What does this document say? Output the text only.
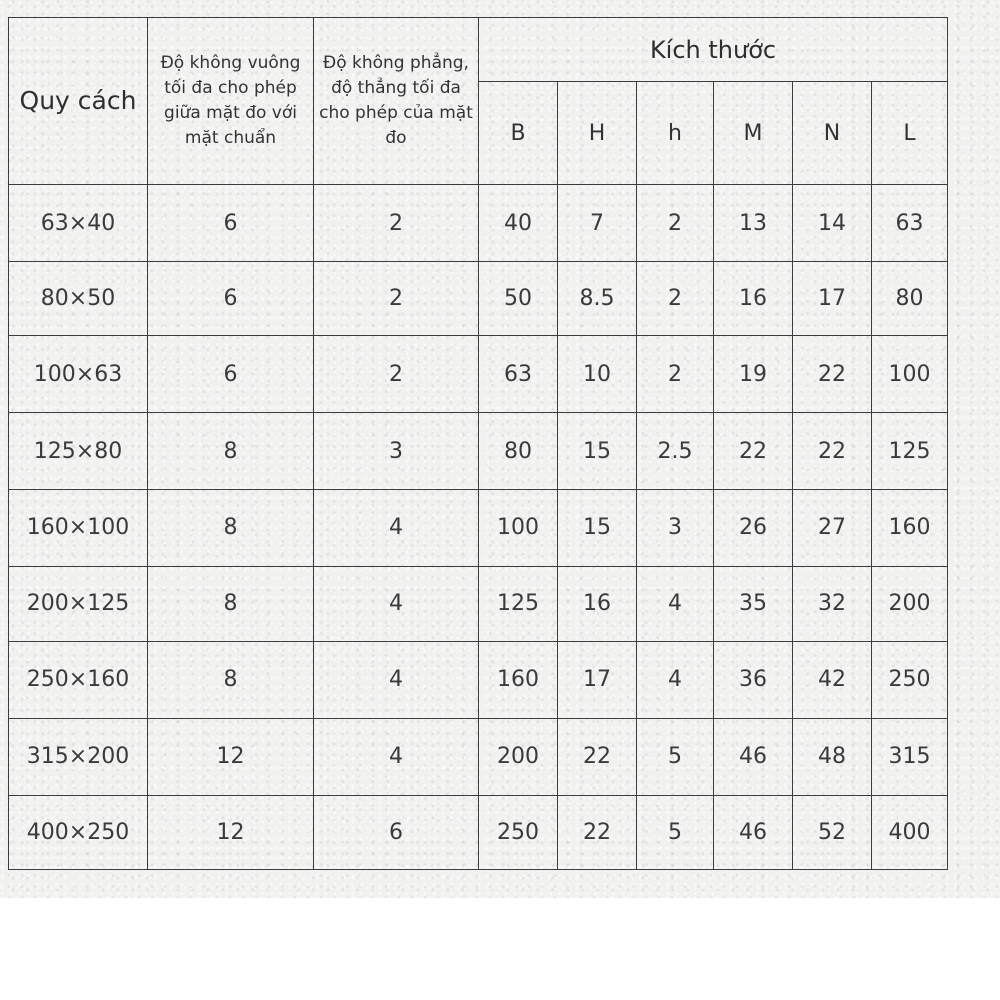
Quy cách	Độ không vuông tối đa cho phép giữa mặt đo với mặt chuẩn	Độ không phẳng, độ thẳng tối đa cho phép của mặt đo	Kích thước					
			B	H	h	M	N	L
63×40	6	2	40	7	2	13	14	63
80×50	6	2	50	8.5	2	16	17	80
100×63	6	2	63	10	2	19	22	100
125×80	8	3	80	15	2.5	22	22	125
160×100	8	4	100	15	3	26	27	160
200×125	8	4	125	16	4	35	32	200
250×160	8	4	160	17	4	36	42	250
315×200	12	4	200	22	5	46	48	315
400×250	12	6	250	22	5	46	52	400
